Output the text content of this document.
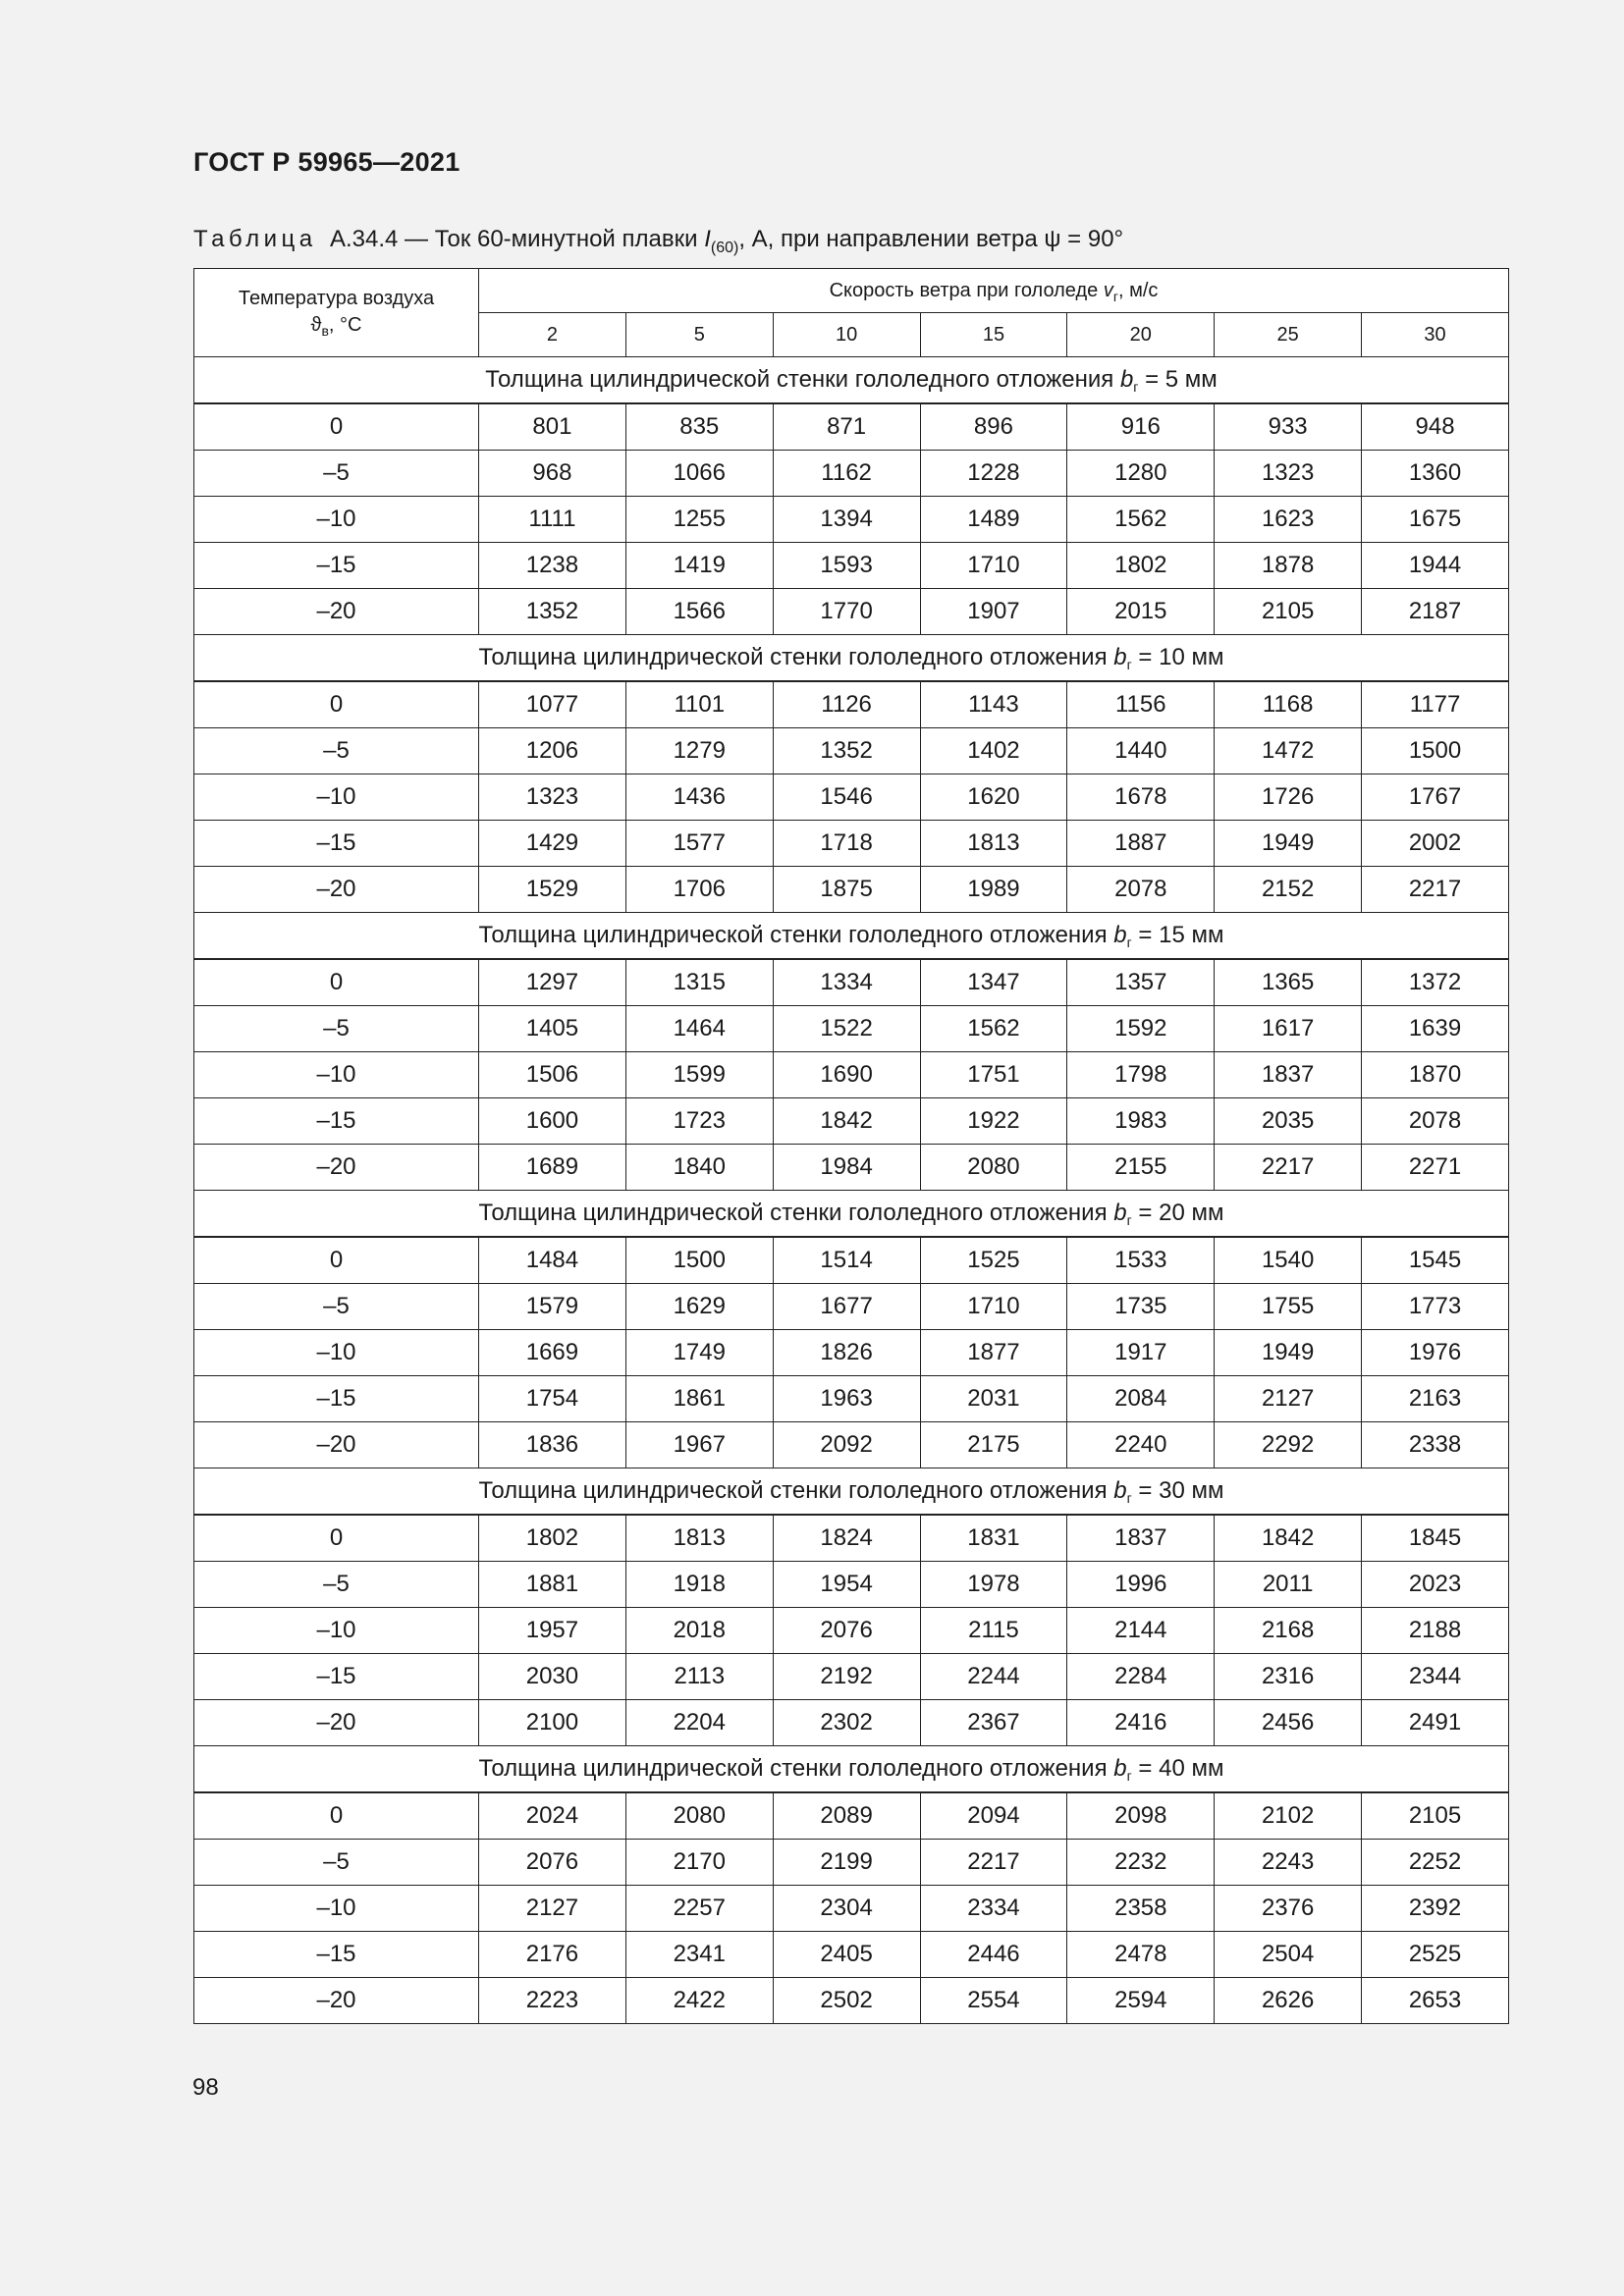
ГОСТ Р 59965—2021
Таблица А.34.4 — Ток 60-минутной плавки $I_{(60)}$, А, при направлении ветра ψ = 90°
Температура воздуха
$ϑ_в$, °С	Скорость ветра при гололеде $v_г$, м/с						
	2	5	10	15	20	25	30
Толщина цилиндрической стенки гололедного отложения $b_г = 5$ мм							
0	801	835	871	896	916	933	948
–5	968	1066	1162	1228	1280	1323	1360
–10	1111	1255	1394	1489	1562	1623	1675
–15	1238	1419	1593	1710	1802	1878	1944
–20	1352	1566	1770	1907	2015	2105	2187
Толщина цилиндрической стенки гололедного отложения $b_г = 10$ мм							
0	1077	1101	1126	1143	1156	1168	1177
–5	1206	1279	1352	1402	1440	1472	1500
–10	1323	1436	1546	1620	1678	1726	1767
–15	1429	1577	1718	1813	1887	1949	2002
–20	1529	1706	1875	1989	2078	2152	2217
Толщина цилиндрической стенки гололедного отложения $b_г = 15$ мм							
0	1297	1315	1334	1347	1357	1365	1372
–5	1405	1464	1522	1562	1592	1617	1639
–10	1506	1599	1690	1751	1798	1837	1870
–15	1600	1723	1842	1922	1983	2035	2078
–20	1689	1840	1984	2080	2155	2217	2271
Толщина цилиндрической стенки гололедного отложения $b_г = 20$ мм							
0	1484	1500	1514	1525	1533	1540	1545
–5	1579	1629	1677	1710	1735	1755	1773
–10	1669	1749	1826	1877	1917	1949	1976
–15	1754	1861	1963	2031	2084	2127	2163
–20	1836	1967	2092	2175	2240	2292	2338
Толщина цилиндрической стенки гололедного отложения $b_г = 30$ мм							
0	1802	1813	1824	1831	1837	1842	1845
–5	1881	1918	1954	1978	1996	2011	2023
–10	1957	2018	2076	2115	2144	2168	2188
–15	2030	2113	2192	2244	2284	2316	2344
–20	2100	2204	2302	2367	2416	2456	2491
Толщина цилиндрической стенки гололедного отложения $b_г = 40$ мм							
0	2024	2080	2089	2094	2098	2102	2105
–5	2076	2170	2199	2217	2232	2243	2252
–10	2127	2257	2304	2334	2358	2376	2392
–15	2176	2341	2405	2446	2478	2504	2525
–20	2223	2422	2502	2554	2594	2626	2653
98
